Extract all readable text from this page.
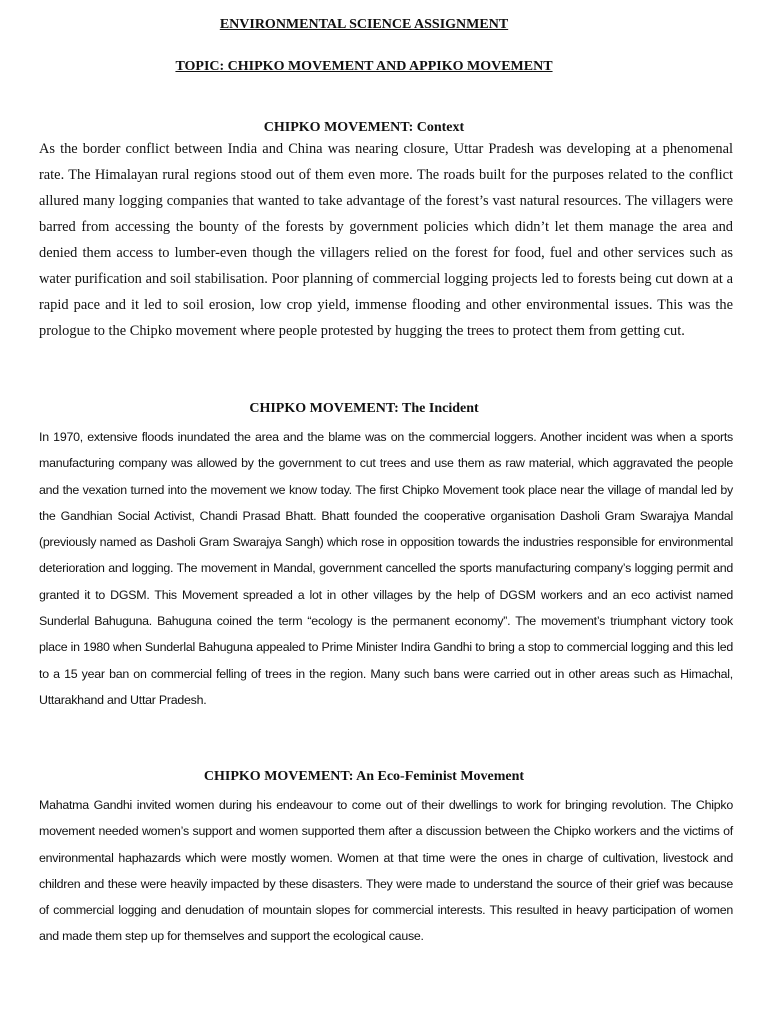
ENVIRONMENTAL SCIENCE ASSIGNMENT
TOPIC: CHIPKO MOVEMENT AND APPIKO MOVEMENT
CHIPKO MOVEMENT: Context
As the border conflict between India and China was nearing closure, Uttar Pradesh was developing at a phenomenal rate. The Himalayan rural regions stood out of them even more. The roads built for the purposes related to the conflict allured many logging companies that wanted to take advantage of the forest’s vast natural resources. The villagers were barred from accessing the bounty of the forests by government policies which didn’t let them manage the area and denied them access to lumber-even though the villagers relied on the forest for food, fuel and other services such as water purification and soil stabilisation. Poor planning of commercial logging projects led to forests being cut down at a rapid pace and it led to soil erosion, low crop yield, immense flooding and other environmental issues. This was the prologue to the Chipko movement where people protested by hugging the trees to protect them from getting cut.
CHIPKO MOVEMENT: The Incident
In 1970, extensive floods inundated the area and the blame was on the commercial loggers. Another incident was when a sports manufacturing company was allowed by the government to cut trees and use them as raw material, which aggravated the people and the vexation turned into the movement we know today. The first Chipko Movement took place near the village of mandal led by the Gandhian Social Activist, Chandi Prasad Bhatt. Bhatt founded the cooperative organisation Dasholi Gram Swarajya Mandal (previously named as Dasholi Gram Swarajya Sangh) which rose in opposition towards the industries responsible for environmental deterioration and logging. The movement in Mandal, government cancelled the sports manufacturing company’s logging permit and granted it to DGSM. This Movement spreaded a lot in other villages by the help of DGSM workers and an eco activist named Sunderlal Bahuguna. Bahuguna coined the term “ecology is the permanent economy”. The movement’s triumphant victory took place in 1980 when Sunderlal Bahuguna appealed to Prime Minister Indira Gandhi to bring a stop to commercial logging and this led to a 15 year ban on commercial felling of trees in the region. Many such bans were carried out in other areas such as Himachal, Uttarakhand and Uttar Pradesh.
CHIPKO MOVEMENT: An Eco-Feminist Movement
Mahatma Gandhi invited women during his endeavour to come out of their dwellings to work for bringing revolution. The Chipko movement needed women’s support and women supported them after a discussion between the Chipko workers and the victims of environmental haphazards which were mostly women. Women at that time were the ones in charge of cultivation, livestock and children and these were heavily impacted by these disasters. They were made to understand the source of their grief was because of commercial logging and denudation of mountain slopes for commercial interests. This resulted in heavy participation of women and made them step up for themselves and support the ecological cause.
